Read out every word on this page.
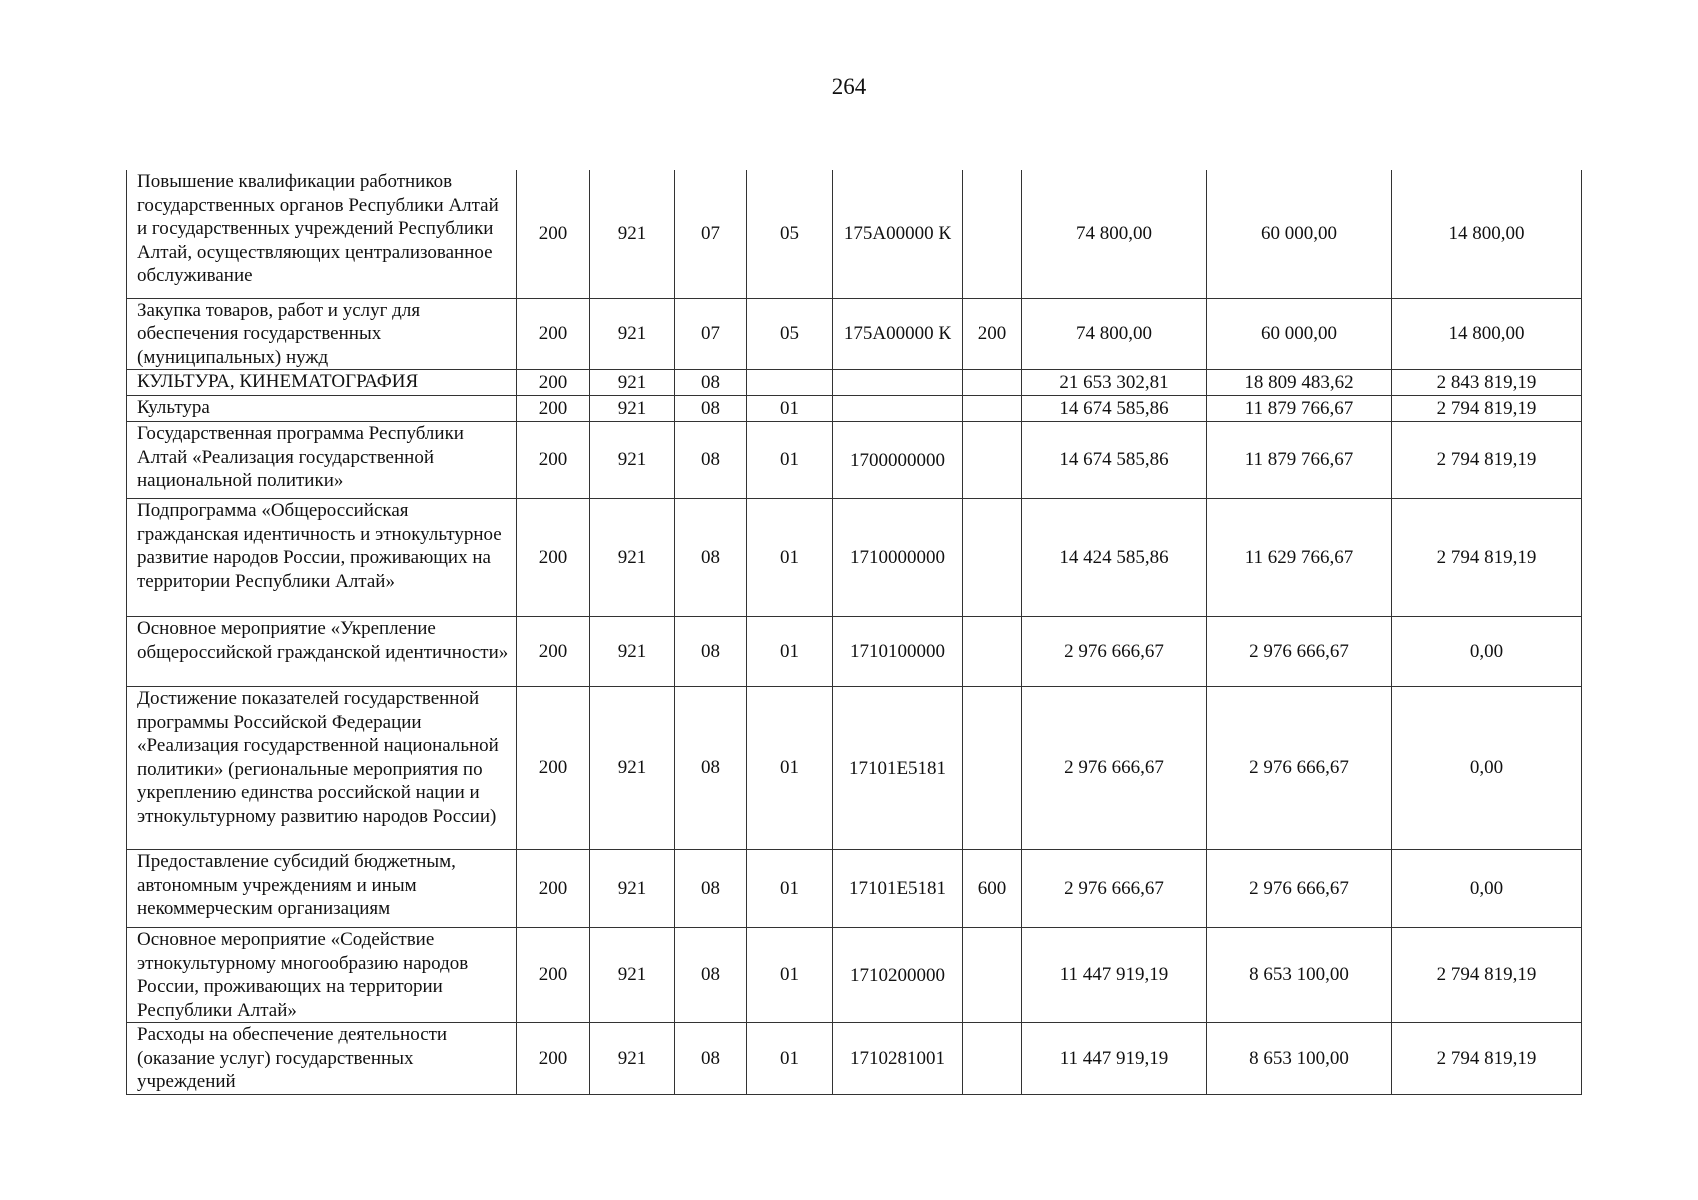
264
Повышение квалификации работников государственных органов Республики Алтай и государственных учреждений Республики Алтай, осуществляющих централизованное обслуживание	200	921	07	05	175А00000 К		74 800,00	60 000,00	14 800,00
Закупка товаров, работ и услуг для обеспечения государственных (муниципальных) нужд	200	921	07	05	175А00000 К	200	74 800,00	60 000,00	14 800,00
КУЛЬТУРА, КИНЕМАТОГРАФИЯ	200	921	08				21 653 302,81	18 809 483,62	2 843 819,19
Культура	200	921	08	01			14 674 585,86	11 879 766,67	2 794 819,19
Государственная программа Республики Алтай «Реализация государственной национальной политики»	200	921	08	01	1700000000		14 674 585,86	11 879 766,67	2 794 819,19
Подпрограмма «Общероссийская гражданская идентичность и этнокультурное развитие народов России, проживающих на территории Республики Алтай»	200	921	08	01	1710000000		14 424 585,86	11 629 766,67	2 794 819,19
Основное мероприятие «Укрепление общероссийской гражданской идентичности»	200	921	08	01	1710100000		2 976 666,67	2 976 666,67	0,00
Достижение показателей государственной программы Российской Федерации «Реализация государственной национальной политики» (региональные мероприятия по укреплению единства российской нации и этнокультурному развитию народов России)	200	921	08	01	17101E5181		2 976 666,67	2 976 666,67	0,00
Предоставление субсидий бюджетным, автономным учреждениям и иным некоммерческим организациям	200	921	08	01	17101E5181	600	2 976 666,67	2 976 666,67	0,00
Основное мероприятие «Содействие этнокультурному многообразию народов России, проживающих на территории Республики Алтай»	200	921	08	01	1710200000		11 447 919,19	8 653 100,00	2 794 819,19
Расходы на обеспечение деятельности (оказание услуг) государственных учреждений	200	921	08	01	1710281001		11 447 919,19	8 653 100,00	2 794 819,19
